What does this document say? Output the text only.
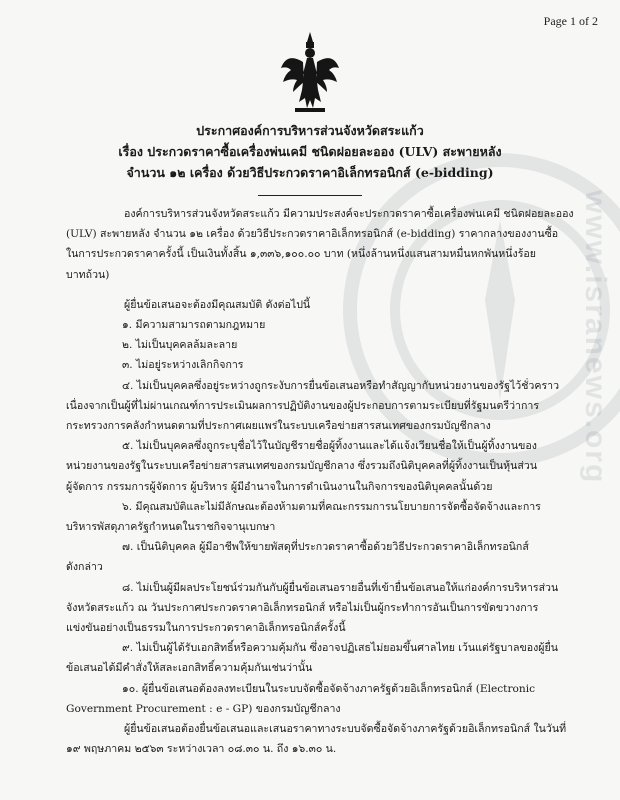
Page 1 of 2
ประกาศองค์การบริหารส่วนจังหวัดสระแก้ว
เรื่อง ประกวดราคาซื้อเครื่องพ่นเคมี ชนิดฝอยละออง (ULV) สะพายหลัง
จำนวน ๑๒ เครื่อง ด้วยวิธีประกวดราคาอิเล็กทรอนิกส์ (e-bidding)

องค์การบริหารส่วนจังหวัดสระแก้ว มีความประสงค์จะประกวดราคาซื้อเครื่องพ่นเคมี ชนิดฝอยละออง

(ULV) สะพายหลัง จำนวน ๑๒ เครื่อง ด้วยวิธีประกวดราคาอิเล็กทรอนิกส์ (e-bidding) ราคากลางของงานซื้อ

ในการประกวดราคาครั้งนี้ เป็นเงินทั้งสิ้น ๑,๓๓๖,๑๐๐.๐๐ บาท (หนึ่งล้านหนึ่งแสนสามหมื่นหกพันหนึ่งร้อย

บาทถ้วน)

ผู้ยื่นข้อเสนอจะต้องมีคุณสมบัติ ดังต่อไปนี้

๑. มีความสามารถตามกฎหมาย

๒. ไม่เป็นบุคคลล้มละลาย

๓. ไม่อยู่ระหว่างเลิกกิจการ

๔. ไม่เป็นบุคคลซึ่งอยู่ระหว่างถูกระงับการยื่นข้อเสนอหรือทำสัญญากับหน่วยงานของรัฐไว้ชั่วคราว

เนื่องจากเป็นผู้ที่ไม่ผ่านเกณฑ์การประเมินผลการปฏิบัติงานของผู้ประกอบการตามระเบียบที่รัฐมนตรีว่าการ

กระทรวงการคลังกำหนดตามที่ประกาศเผยแพร่ในระบบเครือข่ายสารสนเทศของกรมบัญชีกลาง

๕. ไม่เป็นบุคคลซึ่งถูกระบุชื่อไว้ในบัญชีรายชื่อผู้ทิ้งงานและได้แจ้งเวียนชื่อให้เป็นผู้ทิ้งงานของ

หน่วยงานของรัฐในระบบเครือข่ายสารสนเทศของกรมบัญชีกลาง ซึ่งรวมถึงนิติบุคคลที่ผู้ทิ้งงานเป็นหุ้นส่วน

ผู้จัดการ กรรมการผู้จัดการ ผู้บริหาร ผู้มีอำนาจในการดำเนินงานในกิจการของนิติบุคคลนั้นด้วย

๖. มีคุณสมบัติและไม่มีลักษณะต้องห้ามตามที่คณะกรรมการนโยบายการจัดซื้อจัดจ้างและการ

บริหารพัสดุภาครัฐกำหนดในราชกิจจานุเบกษา

๗. เป็นนิติบุคคล ผู้มีอาชีพให้ขายพัสดุที่ประกวดราคาซื้อด้วยวิธีประกวดราคาอิเล็กทรอนิกส์

ดังกล่าว

๘. ไม่เป็นผู้มีผลประโยชน์ร่วมกันกับผู้ยื่นข้อเสนอรายอื่นที่เข้ายื่นข้อเสนอให้แก่องค์การบริหารส่วน

จังหวัดสระแก้ว ณ วันประกาศประกวดราคาอิเล็กทรอนิกส์ หรือไม่เป็นผู้กระทำการอันเป็นการขัดขวางการ

แข่งขันอย่างเป็นธรรมในการประกวดราคาอิเล็กทรอนิกส์ครั้งนี้

๙. ไม่เป็นผู้ได้รับเอกสิทธิ์หรือความคุ้มกัน ซึ่งอาจปฏิเสธไม่ยอมขึ้นศาลไทย เว้นแต่รัฐบาลของผู้ยื่น

ข้อเสนอได้มีคำสั่งให้สละเอกสิทธิ์ความคุ้มกันเช่นว่านั้น

๑๐. ผู้ยื่นข้อเสนอต้องลงทะเบียนในระบบจัดซื้อจัดจ้างภาครัฐด้วยอิเล็กทรอนิกส์ (Electronic

Government Procurement : e - GP) ของกรมบัญชีกลาง

ผู้ยื่นข้อเสนอต้องยื่นข้อเสนอและเสนอราคาทางระบบจัดซื้อจัดจ้างภาครัฐด้วยอิเล็กทรอนิกส์ ในวันที่

๑๙ พฤษภาคม ๒๕๖๓ ระหว่างเวลา ๐๘.๓๐ น. ถึง ๑๖.๓๐ น.

www.isranews.org
